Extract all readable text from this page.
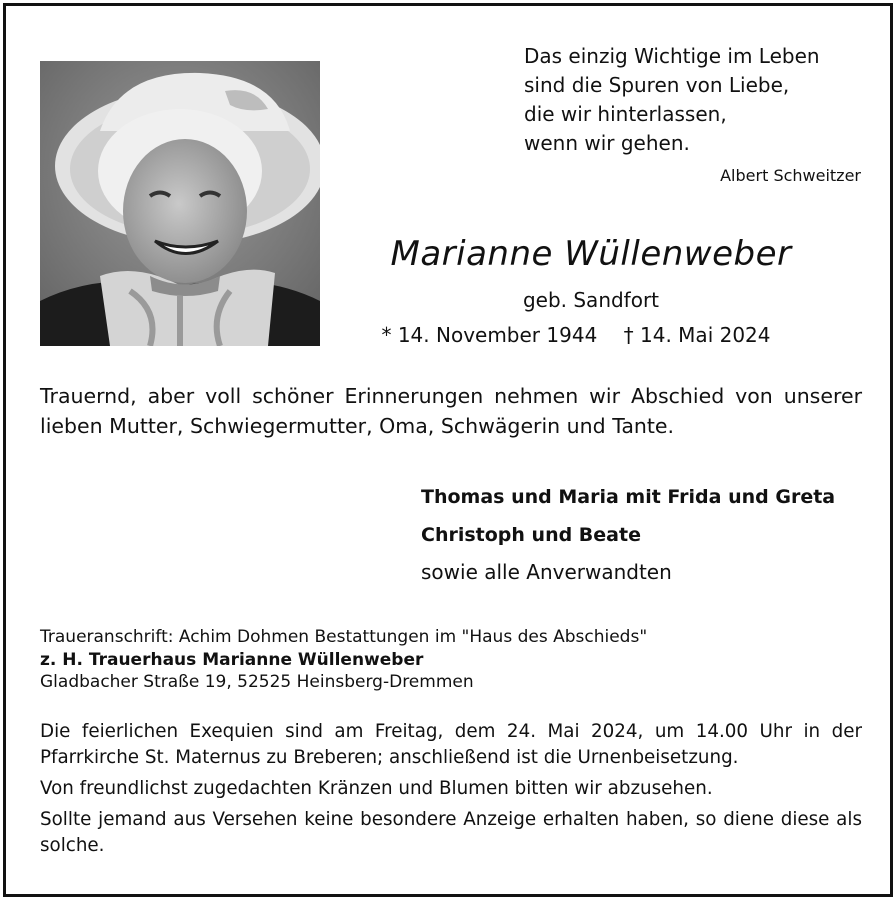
Das einzig Wichtige im Leben
sind die Spuren von Liebe,
die wir hinterlassen,
wenn wir gehen.
Albert Schweitzer
Marianne Wüllenweber
geb. Sandfort
* 14. November 1944 † 14. Mai 2024
Trauernd, aber voll schöner Erinnerungen nehmen wir Abschied von unserer lieben Mutter, Schwiegermutter, Oma, Schwägerin und Tante.
Thomas und Maria mit Frida und Greta
Christoph und Beate
sowie alle Anverwandten
Traueranschrift: Achim Dohmen Bestattungen im "Haus des Abschieds"
z. H. Trauerhaus Marianne Wüllenweber
Gladbacher Straße 19, 52525 Heinsberg-Dremmen

Die feierlichen Exequien sind am Freitag, dem 24. Mai 2024, um 14.00 Uhr in der Pfarrkirche St. Maternus zu Breberen; anschließend ist die Urnenbeisetzung.

Von freundlichst zugedachten Kränzen und Blumen bitten wir abzusehen.

Sollte jemand aus Versehen keine besondere Anzeige erhalten haben, so diene diese als solche.
